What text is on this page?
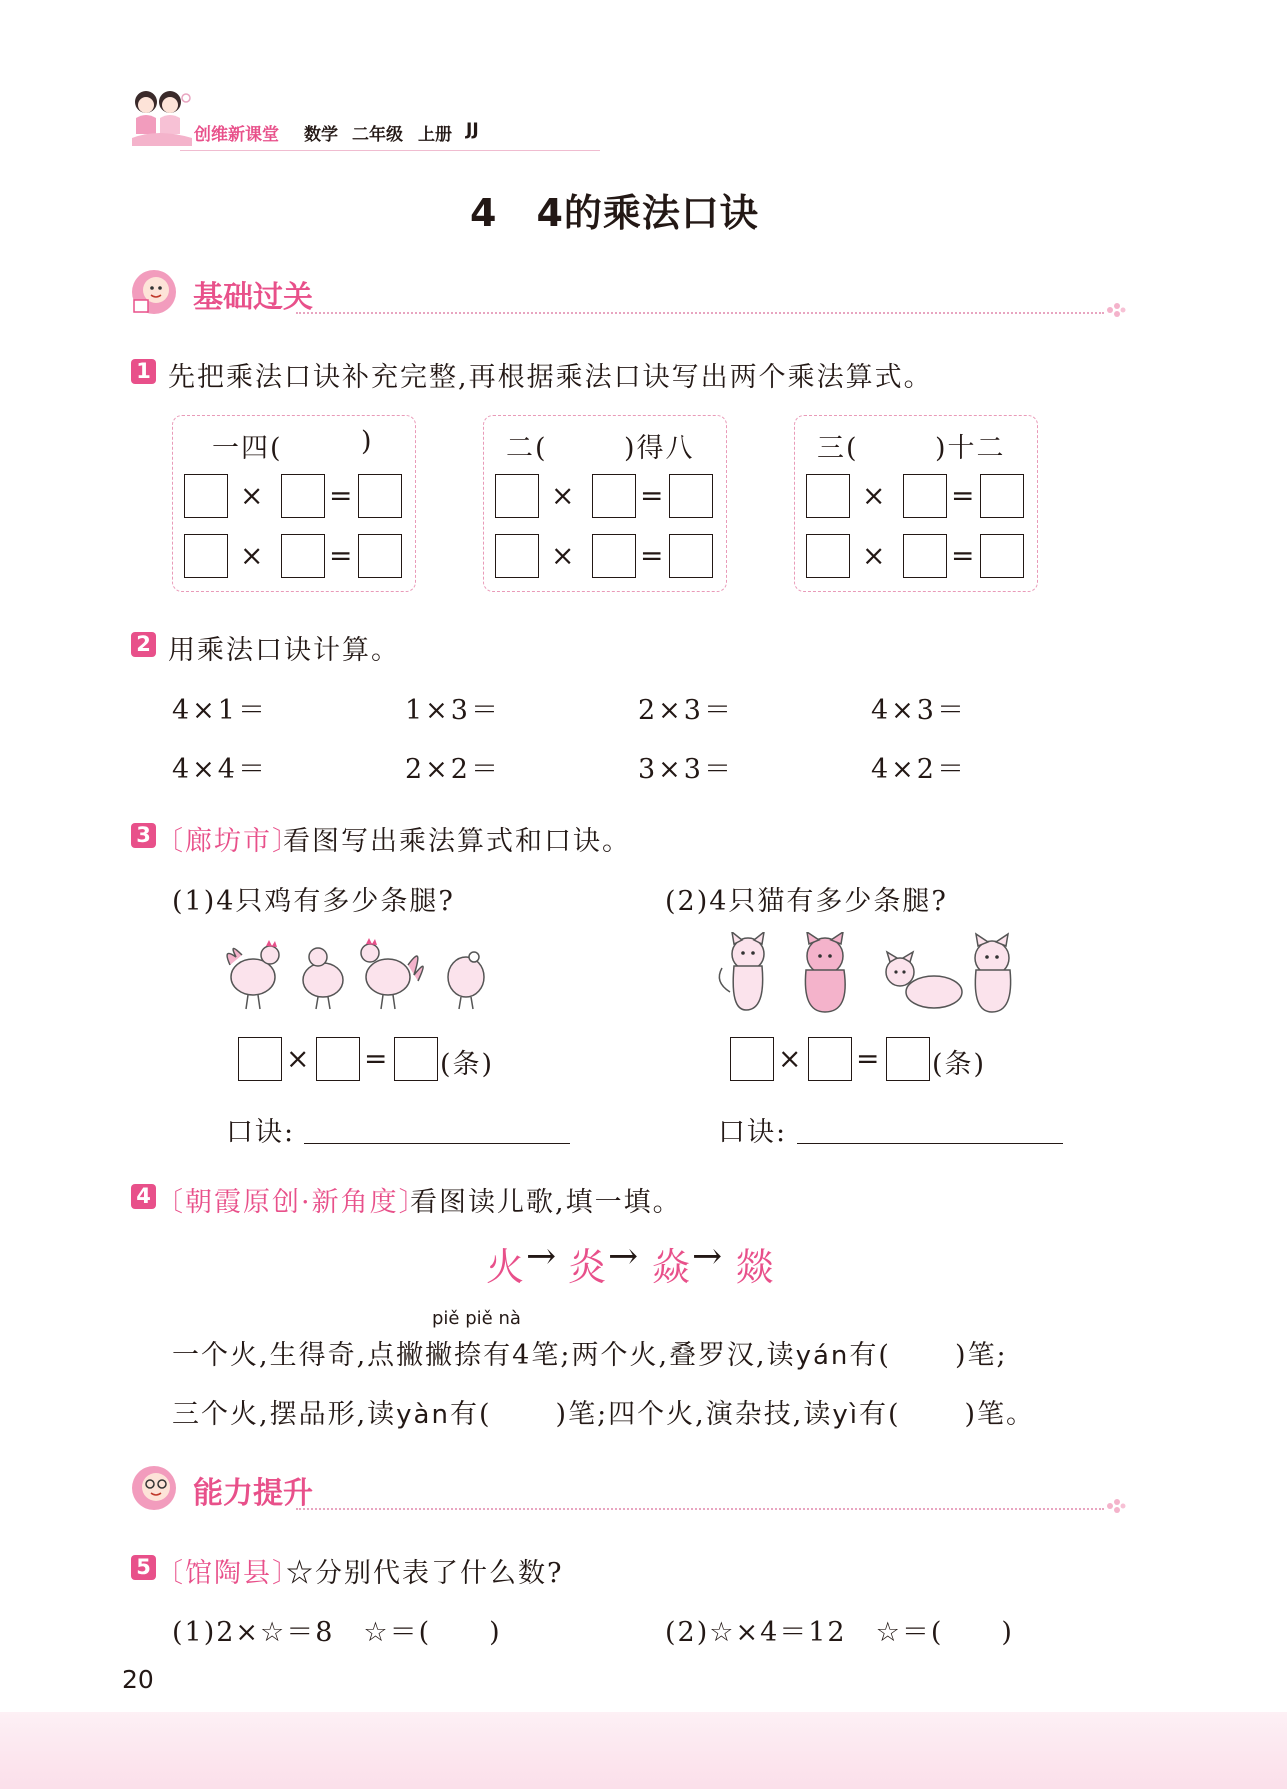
创维新课堂 数学 二年级 上册 JJ
4　4的乘法口诀
基础过关
1 先把乘法口诀补充完整,再根据乘法口诀写出两个乘法算式。
一四(	)
× =
× =
二(	)得八
× =
× =
三(	)十二
× =
× =
2 用乘法口诀计算。
4×1＝	1×3＝	2×3＝	4×3＝
4×4＝	2×2＝	3×3＝	4×2＝
3 〔廊坊市〕
看图写出乘法算式和口诀。
(1)4只鸡有多少条腿?	(2)4只猫有多少条腿?
× = (条)
口诀:
× = (条)
口诀:
4 〔朝霞原创·新角度〕
看图读儿歌,填一填。
火 → 炎 → 焱 → 燚
piě piě nà
一个火,生得奇,点撇撇捺有4笔;两个火,叠罗汉,读yán有( )笔;
三个火,摆品形,读yàn有( )笔;四个火,演杂技,读yì有( )笔。
能力提升
5 〔馆陶县〕
☆分别代表了什么数?
(1)2×☆＝8　☆＝(　　)	(2)☆×4＝12　☆＝(　　)
20
